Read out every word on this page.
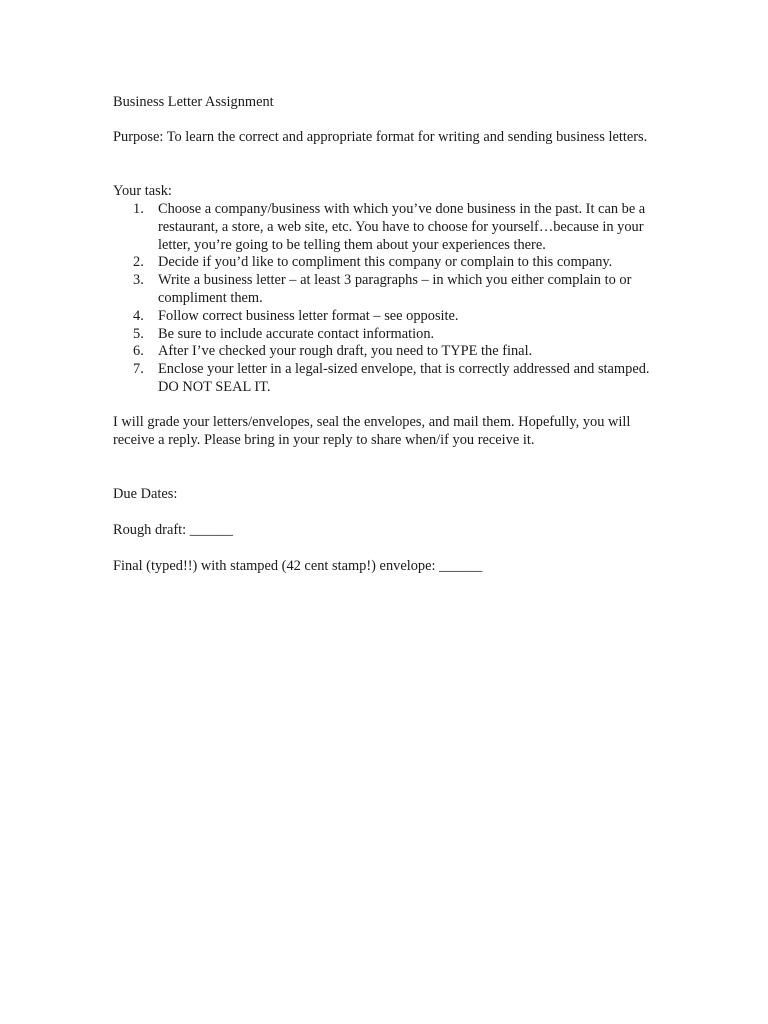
Business Letter Assignment

Purpose: To learn the correct and appropriate format for writing and sending business letters.

Your task:

1. Choose a company/business with which you’ve done business in the past. It can be a restaurant, a store, a web site, etc. You have to choose for yourself…because in your letter, you’re going to be telling them about your experiences there.
2. Decide if you’d like to compliment this company or complain to this company.
3. Write a business letter – at least 3 paragraphs – in which you either complain to or compliment them.
4. Follow correct business letter format – see opposite.
5. Be sure to include accurate contact information.
6. After I’ve checked your rough draft, you need to TYPE the final.
7. Enclose your letter in a legal-sized envelope, that is correctly addressed and stamped. DO NOT SEAL IT.

I will grade your letters/envelopes, seal the envelopes, and mail them. Hopefully, you will receive a reply. Please bring in your reply to share when/if you receive it.

Due Dates:

Rough draft: ______

Final (typed!!) with stamped (42 cent stamp!) envelope: ______
